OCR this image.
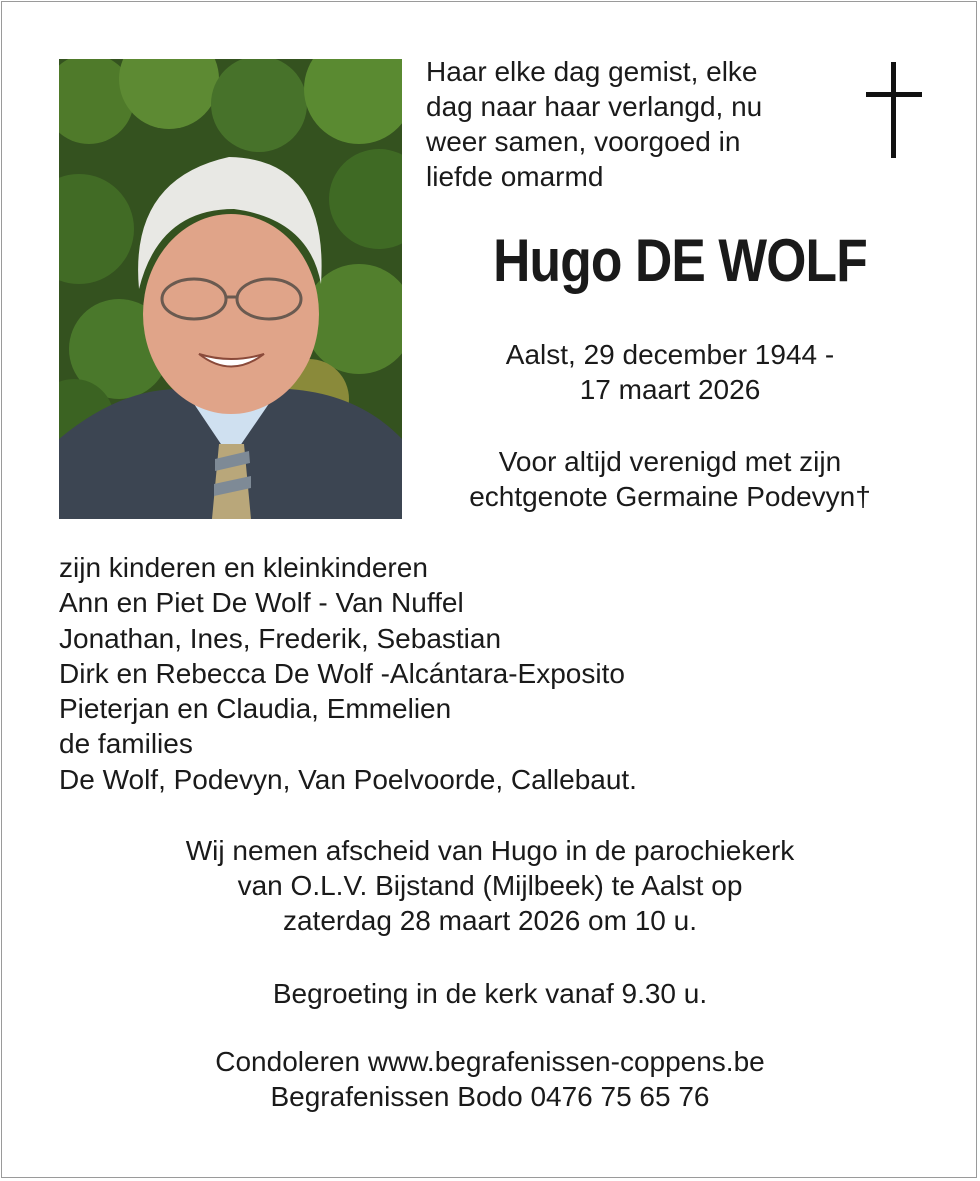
Haar elke dag gemist, elke
dag naar haar verlangd, nu
weer samen, voorgoed in
liefde omarmd
Hugo DE WOLF
Aalst, 29 december 1944 -
17 maart 2026
Voor altijd verenigd met zijn
echtgenote Germaine Podevyn†
zijn kinderen en kleinkinderen
Ann en Piet De Wolf - Van Nuffel
Jonathan, Ines, Frederik, Sebastian
Dirk en Rebecca De Wolf -Alcántara-Exposito
Pieterjan en Claudia, Emmelien
de families
De Wolf, Podevyn, Van Poelvoorde, Callebaut.
Wij nemen afscheid van Hugo in de parochiekerk
van O.L.V. Bijstand (Mijlbeek) te Aalst op
zaterdag 28 maart 2026 om 10 u.
Begroeting in de kerk vanaf 9.30 u.
Condoleren www.begrafenissen-coppens.be
Begrafenissen Bodo 0476 75 65 76
